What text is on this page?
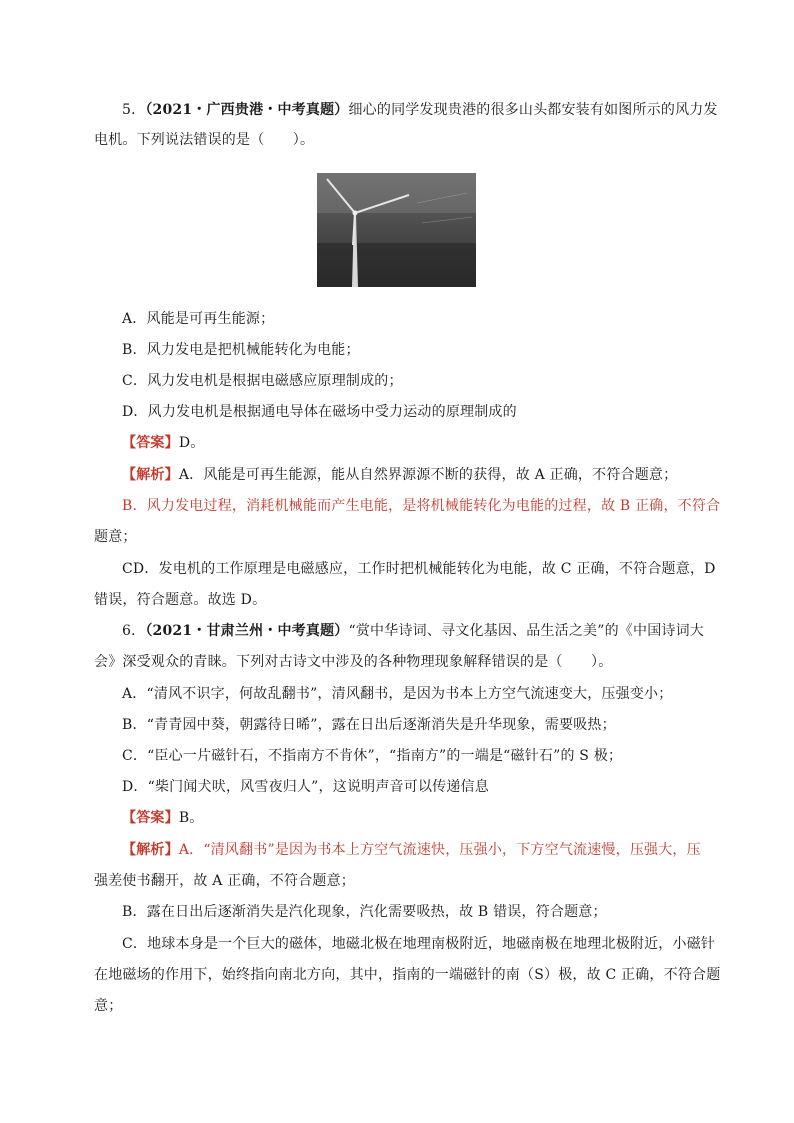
5．（2021・广西贵港・中考真题）细心的同学发现贵港的很多山头都安装有如图所示的风力发
电机。下列说法错误的是（　　）。
A．风能是可再生能源；
B．风力发电是把机械能转化为电能；
C．风力发电机是根据电磁感应原理制成的；
D．风力发电机是根据通电导体在磁场中受力运动的原理制成的
【答案】D。
【解析】A．风能是可再生能源，能从自然界源源不断的获得，故 A 正确，不符合题意；
B．风力发电过程，消耗机械能而产生电能，是将机械能转化为电能的过程，故 B 正确，不符合
题意；
CD．发电机的工作原理是电磁感应，工作时把机械能转化为电能，故 C 正确，不符合题意，D
错误，符合题意。故选 D。
6．（2021・甘肃兰州・中考真题）“赏中华诗词、寻文化基因、品生活之美”的《中国诗词大
会》深受观众的青睐。下列对古诗文中涉及的各种物理现象解释错误的是（　　）。
A．“清风不识字，何故乱翻书”，清风翻书，是因为书本上方空气流速变大，压强变小；
B．“青青园中葵，朝露待日晞”，露在日出后逐渐消失是升华现象，需要吸热；
C．“臣心一片磁针石，不指南方不肯休”，“指南方”的一端是“磁针石”的 S 极；
D．“柴门闻犬吠，风雪夜归人”，这说明声音可以传递信息
【答案】B。
【解析】A．“清风翻书”是因为书本上方空气流速快，压强小，下方空气流速慢，压强大，压
强差使书翻开，故 A 正确，不符合题意；
B．露在日出后逐渐消失是汽化现象，汽化需要吸热，故 B 错误，符合题意；
C．地球本身是一个巨大的磁体，地磁北极在地理南极附近，地磁南极在地理北极附近，小磁针
在地磁场的作用下，始终指向南北方向，其中，指南的一端磁针的南（S）极，故 C 正确，不符合题
意；
